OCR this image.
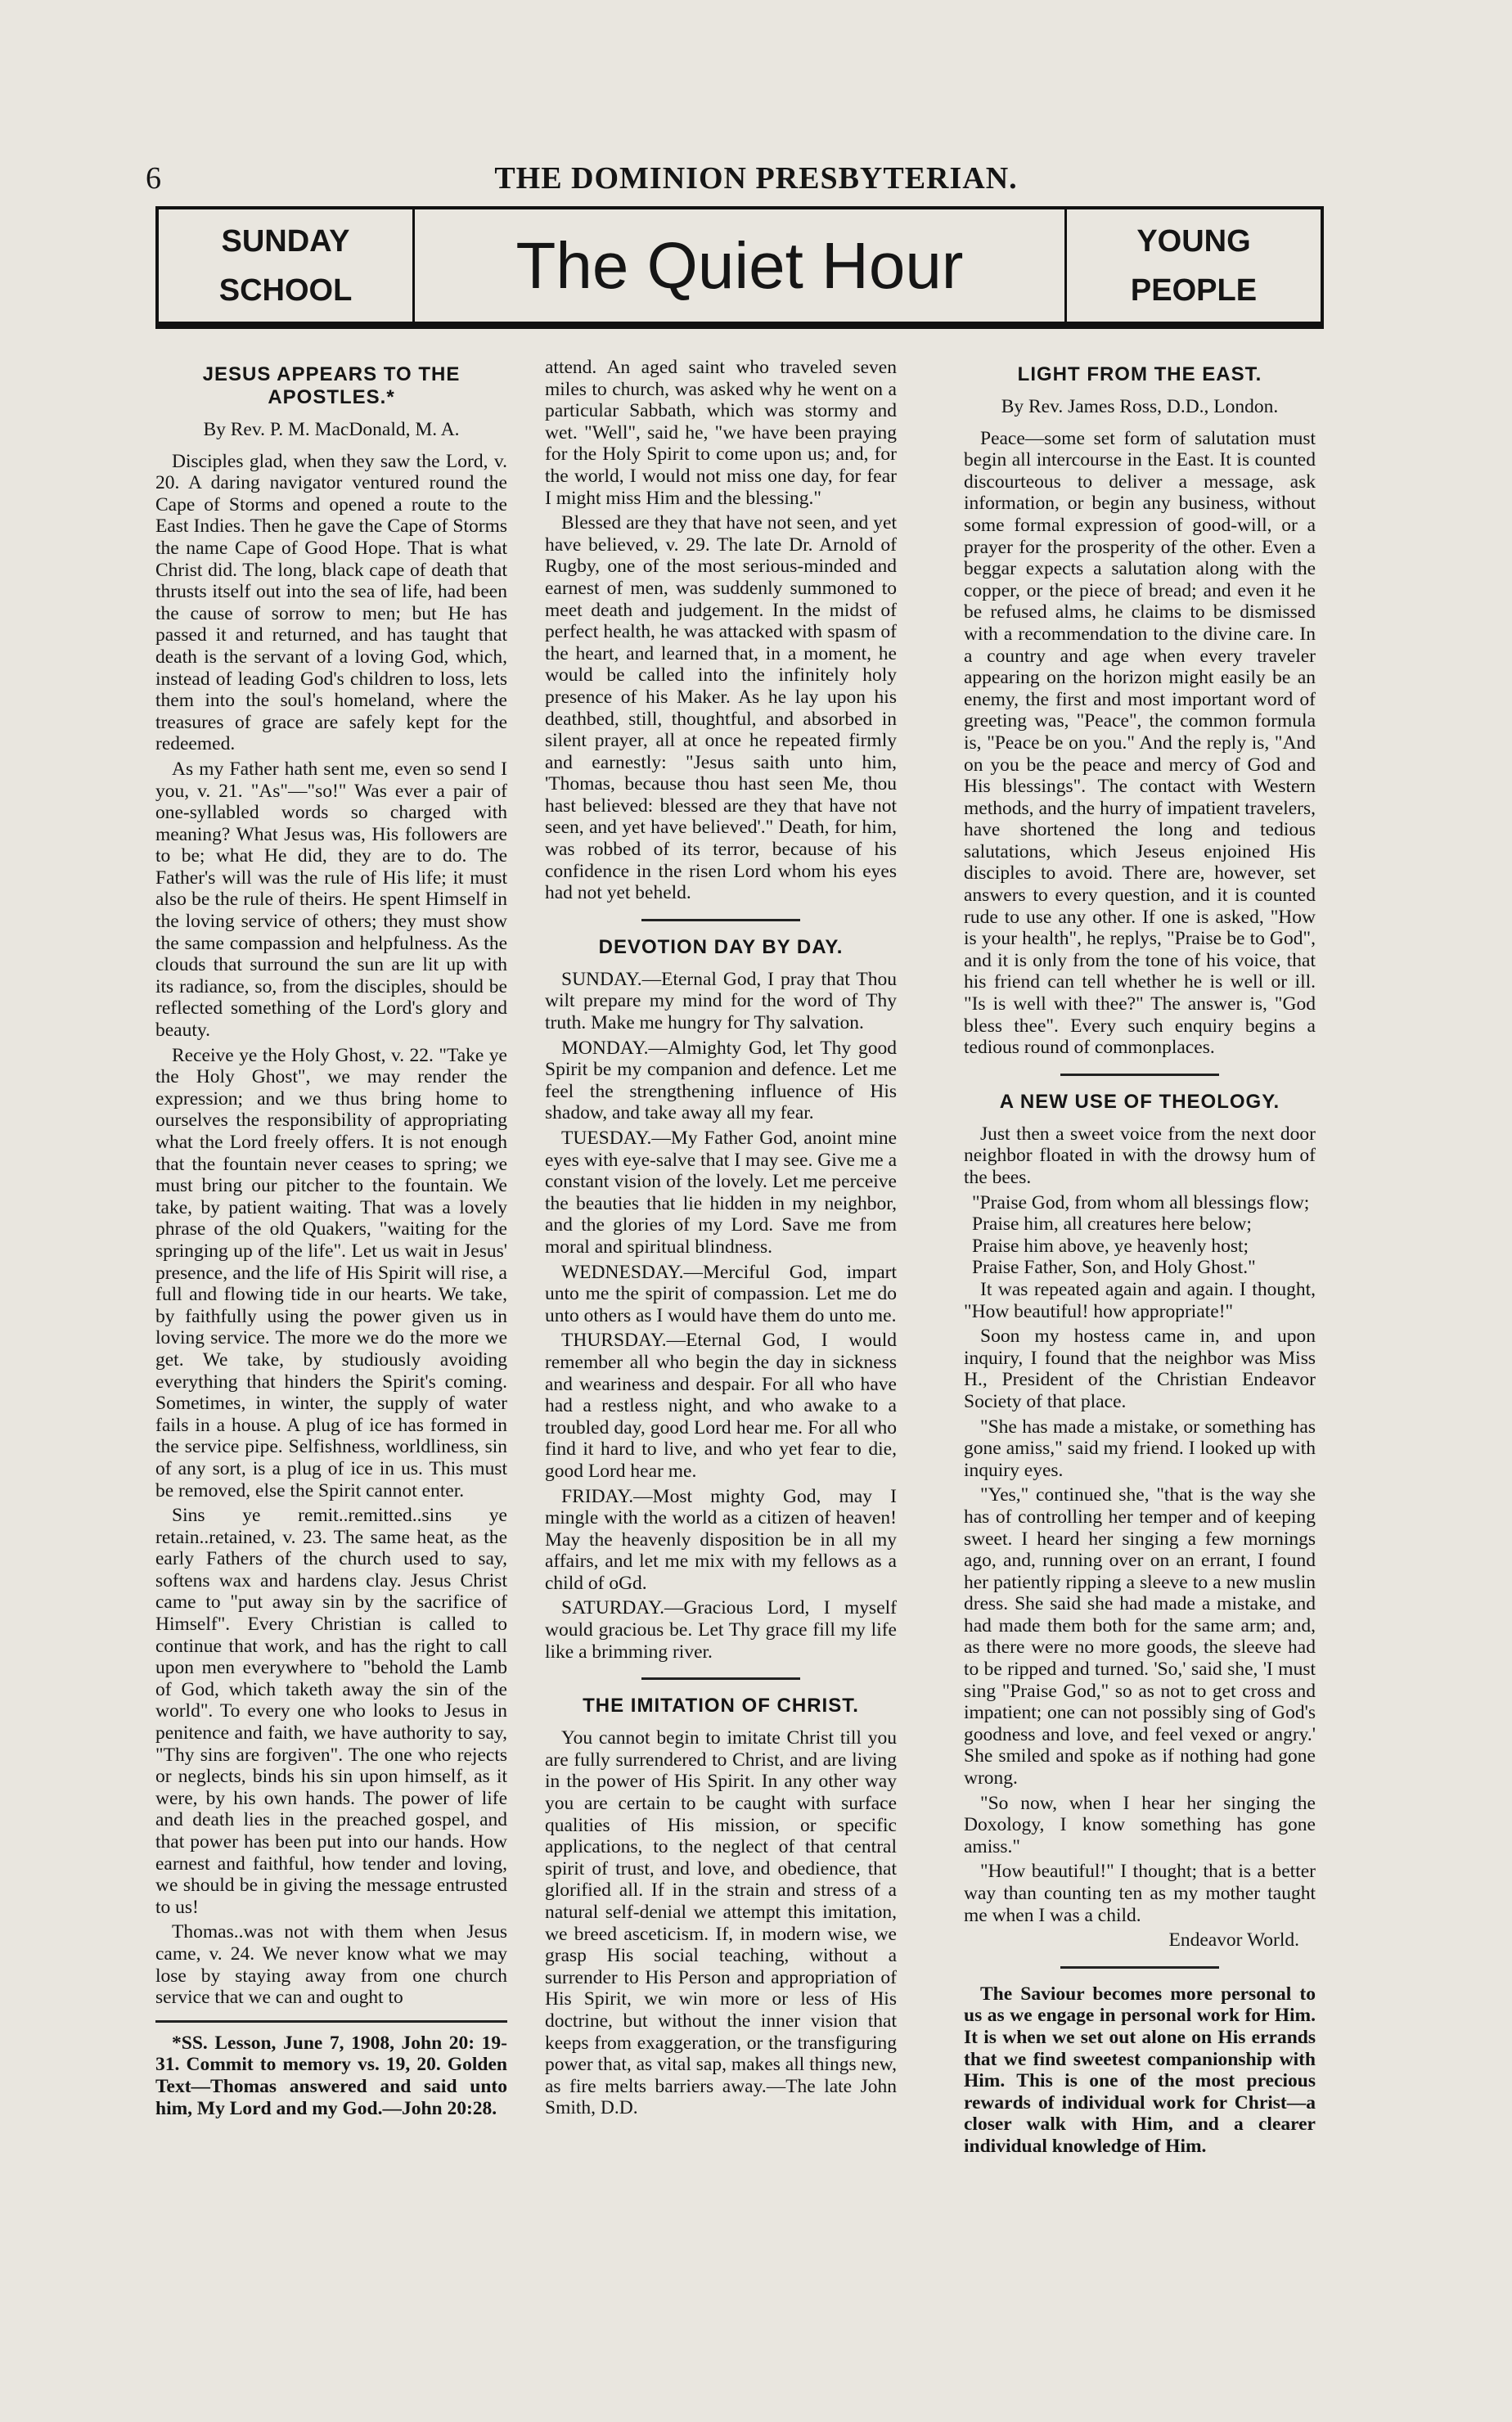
6	THE DOMINION PRESBYTERIAN.
SUNDAY
SCHOOL	The Quiet Hour	YOUNG
PEOPLE
JESUS APPEARS TO THE APOSTLES.*

By Rev. P. M. MacDonald, M. A.

Disciples glad, when they saw the Lord, v. 20. A daring navigator ventured round the Cape of Storms and opened a route to the East Indies. Then he gave the Cape of Storms the name Cape of Good Hope. That is what Christ did. The long, black cape of death that thrusts itself out into the sea of life, had been the cause of sorrow to men; but He has passed it and returned, and has taught that death is the servant of a loving God, which, instead of leading God's children to loss, lets them into the soul's homeland, where the treasures of grace are safely kept for the redeemed.

As my Father hath sent me, even so send I you, v. 21. "As"—"so!" Was ever a pair of one-syllabled words so charged with meaning? What Jesus was, His followers are to be; what He did, they are to do. The Father's will was the rule of His life; it must also be the rule of theirs. He spent Himself in the loving service of others; they must show the same compassion and helpfulness. As the clouds that surround the sun are lit up with its radiance, so, from the disciples, should be reflected something of the Lord's glory and beauty.

Receive ye the Holy Ghost, v. 22. "Take ye the Holy Ghost", we may render the expression; and we thus bring home to ourselves the responsibility of appropriating what the Lord freely offers. It is not enough that the fountain never ceases to spring; we must bring our pitcher to the fountain. We take, by patient waiting. That was a lovely phrase of the old Quakers, "waiting for the springing up of the life". Let us wait in Jesus' presence, and the life of His Spirit will rise, a full and flowing tide in our hearts. We take, by faithfully using the power given us in loving service. The more we do the more we get. We take, by studiously avoiding everything that hinders the Spirit's coming. Sometimes, in winter, the supply of water fails in a house. A plug of ice has formed in the service pipe. Selfishness, worldliness, sin of any sort, is a plug of ice in us. This must be removed, else the Spirit cannot enter.

Sins ye remit..remitted..sins ye retain..retained, v. 23. The same heat, as the early Fathers of the church used to say, softens wax and hardens clay. Jesus Christ came to "put away sin by the sacrifice of Himself". Every Christian is called to continue that work, and has the right to call upon men everywhere to "behold the Lamb of God, which taketh away the sin of the world". To every one who looks to Jesus in penitence and faith, we have authority to say, "Thy sins are forgiven". The one who rejects or neglects, binds his sin upon himself, as it were, by his own hands. The power of life and death lies in the preached gospel, and that power has been put into our hands. How earnest and faithful, how tender and loving, we should be in giving the message entrusted to us!

Thomas..was not with them when Jesus came, v. 24. We never know what we may lose by staying away from one church service that we can and ought to

*SS. Lesson, June 7, 1908, John 20: 19-31. Commit to memory vs. 19, 20. Golden Text—Thomas answered and said unto him, My Lord and my God.—John 20:28.

attend. An aged saint who traveled seven miles to church, was asked why he went on a particular Sabbath, which was stormy and wet. "Well", said he, "we have been praying for the Holy Spirit to come upon us; and, for the world, I would not miss one day, for fear I might miss Him and the blessing."

Blessed are they that have not seen, and yet have believed, v. 29. The late Dr. Arnold of Rugby, one of the most serious-minded and earnest of men, was suddenly summoned to meet death and judgement. In the midst of perfect health, he was attacked with spasm of the heart, and learned that, in a moment, he would be called into the infinitely holy presence of his Maker. As he lay upon his deathbed, still, thoughtful, and absorbed in silent prayer, all at once he repeated firmly and earnestly: "Jesus saith unto him, 'Thomas, because thou hast seen Me, thou hast believed: blessed are they that have not seen, and yet have believed'." Death, for him, was robbed of its terror, because of his confidence in the risen Lord whom his eyes had not yet beheld.

DEVOTION DAY BY DAY.

SUNDAY.—Eternal God, I pray that Thou wilt prepare my mind for the word of Thy truth. Make me hungry for Thy salvation.

MONDAY.—Almighty God, let Thy good Spirit be my companion and defence. Let me feel the strengthening influence of His shadow, and take away all my fear.

TUESDAY.—My Father God, anoint mine eyes with eye-salve that I may see. Give me a constant vision of the lovely. Let me perceive the beauties that lie hidden in my neighbor, and the glories of my Lord. Save me from moral and spiritual blindness.

WEDNESDAY.—Merciful God, impart unto me the spirit of compassion. Let me do unto others as I would have them do unto me.

THURSDAY.—Eternal God, I would remember all who begin the day in sickness and weariness and despair. For all who have had a restless night, and who awake to a troubled day, good Lord hear me. For all who find it hard to live, and who yet fear to die, good Lord hear me.

FRIDAY.—Most mighty God, may I mingle with the world as a citizen of heaven! May the heavenly disposition be in all my affairs, and let me mix with my fellows as a child of oGd.

SATURDAY.—Gracious Lord, I myself would gracious be. Let Thy grace fill my life like a brimming river.

THE IMITATION OF CHRIST.

You cannot begin to imitate Christ till you are fully surrendered to Christ, and are living in the power of His Spirit. In any other way you are certain to be caught with surface qualities of His mission, or specific applications, to the neglect of that central spirit of trust, and love, and obedience, that glorified all. If in the strain and stress of a natural self-denial we attempt this imitation, we breed asceticism. If, in modern wise, we grasp His social teaching, without a surrender to His Person and appropriation of His Spirit, we win more or less of His doctrine, but without the inner vision that keeps from exaggeration, or the transfiguring power that, as vital sap, makes all things new, as fire melts barriers away.—The late John Smith, D.D.

LIGHT FROM THE EAST.

By Rev. James Ross, D.D., London.

Peace—some set form of salutation must begin all intercourse in the East. It is counted discourteous to deliver a message, ask information, or begin any business, without some formal expression of good-will, or a prayer for the prosperity of the other. Even a beggar expects a salutation along with the copper, or the piece of bread; and even it he be refused alms, he claims to be dismissed with a recommendation to the divine care. In a country and age when every traveler appearing on the horizon might easily be an enemy, the first and most important word of greeting was, "Peace", the common formula is, "Peace be on you." And the reply is, "And on you be the peace and mercy of God and His blessings". The contact with Western methods, and the hurry of impatient travelers, have shortened the long and tedious salutations, which Jeseus enjoined His disciples to avoid. There are, however, set answers to every question, and it is counted rude to use any other. If one is asked, "How is your health", he replys, "Praise be to God", and it is only from the tone of his voice, that his friend can tell whether he is well or ill. "Is is well with thee?" The answer is, "God bless thee". Every such enquiry begins a tedious round of commonplaces.

A NEW USE OF THEOLOGY.

Just then a sweet voice from the next door neighbor floated in with the drowsy hum of the bees.

"Praise God, from whom all blessings flow;

Praise him, all creatures here below;

Praise him above, ye heavenly host;

Praise Father, Son, and Holy Ghost."

It was repeated again and again. I thought, "How beautiful! how appropriate!"

Soon my hostess came in, and upon inquiry, I found that the neighbor was Miss H., President of the Christian Endeavor Society of that place.

"She has made a mistake, or something has gone amiss," said my friend. I looked up with inquiry eyes.

"Yes," continued she, "that is the way she has of controlling her temper and of keeping sweet. I heard her singing a few mornings ago, and, running over on an errant, I found her patiently ripping a sleeve to a new muslin dress. She said she had made a mistake, and had made them both for the same arm; and, as there were no more goods, the sleeve had to be ripped and turned. 'So,' said she, 'I must sing "Praise God," so as not to get cross and impatient; one can not possibly sing of God's goodness and love, and feel vexed or angry.' She smiled and spoke as if nothing had gone wrong.

"So now, when I hear her singing the Doxology, I know something has gone amiss."

"How beautiful!" I thought; that is a better way than counting ten as my mother taught me when I was a child.

Endeavor World.

The Saviour becomes more personal to us as we engage in personal work for Him. It is when we set out alone on His errands that we find sweetest companionship with Him. This is one of the most precious rewards of individual work for Christ—a closer walk with Him, and a clearer individual knowledge of Him.
